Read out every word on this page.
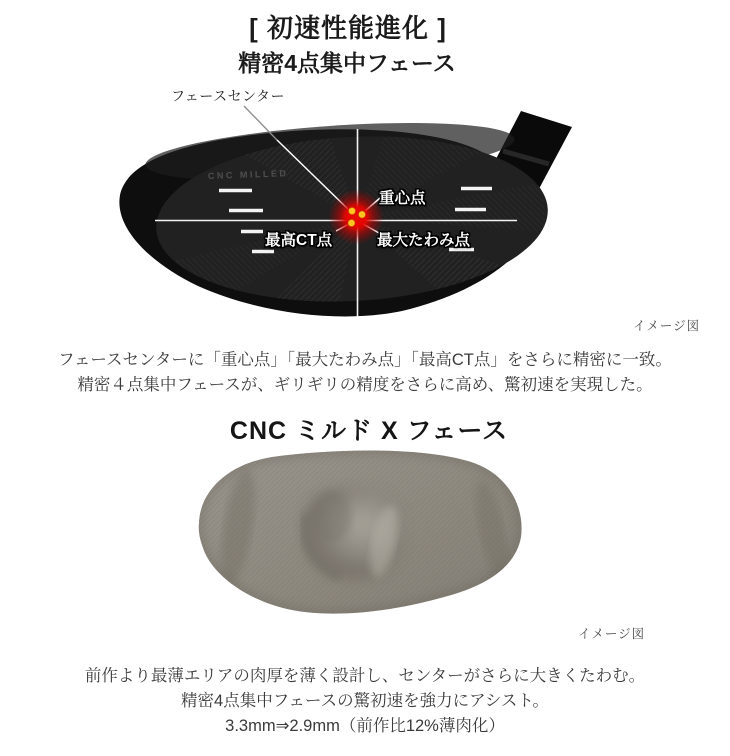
[ 初速性能進化 ]
精密4点集中フェース
CNC MILLED
フェースセンター
重心点
最高CT点	最大たわみ点
イメージ図
フェースセンターに「重心点」「最大たわみ点」「最高CT点」をさらに精密に一致。
精密４点集中フェースが、ギリギリの精度をさらに高め、驚初速を実現した。
CNC ミルド X フェース
イメージ図
前作より最薄エリアの肉厚を薄く設計し、センターがさらに大きくたわむ。
精密4点集中フェースの驚初速を強力にアシスト。
3.3mm⇒2.9mm（前作比12%薄肉化）
